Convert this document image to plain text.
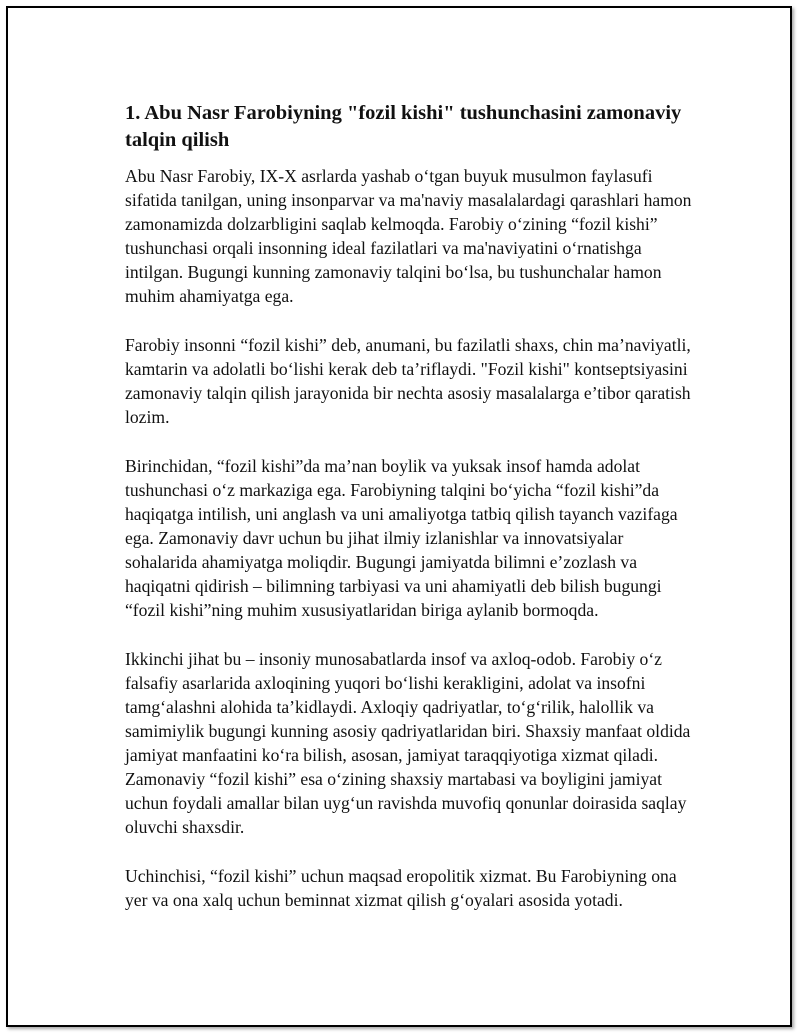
1. Abu Nasr Farobiyning "fozil kishi" tushunchasini zamonaviy talqin qilish

Abu Nasr Farobiy, IX-X asrlarda yashab o‘tgan buyuk musulmon faylasufi sifatida tanilgan, uning insonparvar va ma'naviy masalalardagi qarashlari hamon zamonamizda dolzarbligini saqlab kelmoqda. Farobiy o‘zining “fozil kishi” tushunchasi orqali insonning ideal fazilatlari va ma'naviyatini o‘rnatishga intilgan. Bugungi kunning zamonaviy talqini bo‘lsa, bu tushunchalar hamon muhim ahamiyatga ega.

Farobiy insonni “fozil kishi” deb, anumani, bu fazilatli shaxs, chin ma’naviyatli, kamtarin va adolatli bo‘lishi kerak deb ta’riflaydi. "Fozil kishi" kontseptsiyasini zamonaviy talqin qilish jarayonida bir nechta asosiy masalalarga e’tibor qaratish lozim.

Birinchidan, “fozil kishi”da ma’nan boylik va yuksak insof hamda adolat tushunchasi o‘z markaziga ega. Farobiyning talqini bo‘yicha “fozil kishi”da haqiqatga intilish, uni anglash va uni amaliyotga tatbiq qilish tayanch vazifaga ega. Zamonaviy davr uchun bu jihat ilmiy izlanishlar va innovatsiyalar sohalarida ahamiyatga moliqdir. Bugungi jamiyatda bilimni e’zozlash va haqiqatni qidirish – bilimning tarbiyasi va uni ahamiyatli deb bilish bugungi “fozil kishi”ning muhim xususiyatlaridan biriga aylanib bormoqda.

Ikkinchi jihat bu – insoniy munosabatlarda insof va axloq-odob. Farobiy o‘z falsafiy asarlarida axloqining yuqori bo‘lishi kerakligini, adolat va insofni tamg‘alashni alohida ta’kidlaydi. Axloqiy qadriyatlar, to‘g‘rilik, halollik va samimiylik bugungi kunning asosiy qadriyatlaridan biri. Shaxsiy manfaat oldida jamiyat manfaatini ko‘ra bilish, asosan, jamiyat taraqqiyotiga xizmat qiladi. Zamonaviy “fozil kishi” esa o‘zining shaxsiy martabasi va boyligini jamiyat uchun foydali amallar bilan uyg‘un ravishda muvofiq qonunlar doirasida saqlay oluvchi shaxsdir.

Uchinchisi, “fozil kishi” uchun maqsad eropolitik xizmat. Bu Farobiyning ona yer va ona xalq uchun beminnat xizmat qilish g‘oyalari asosida yotadi.
